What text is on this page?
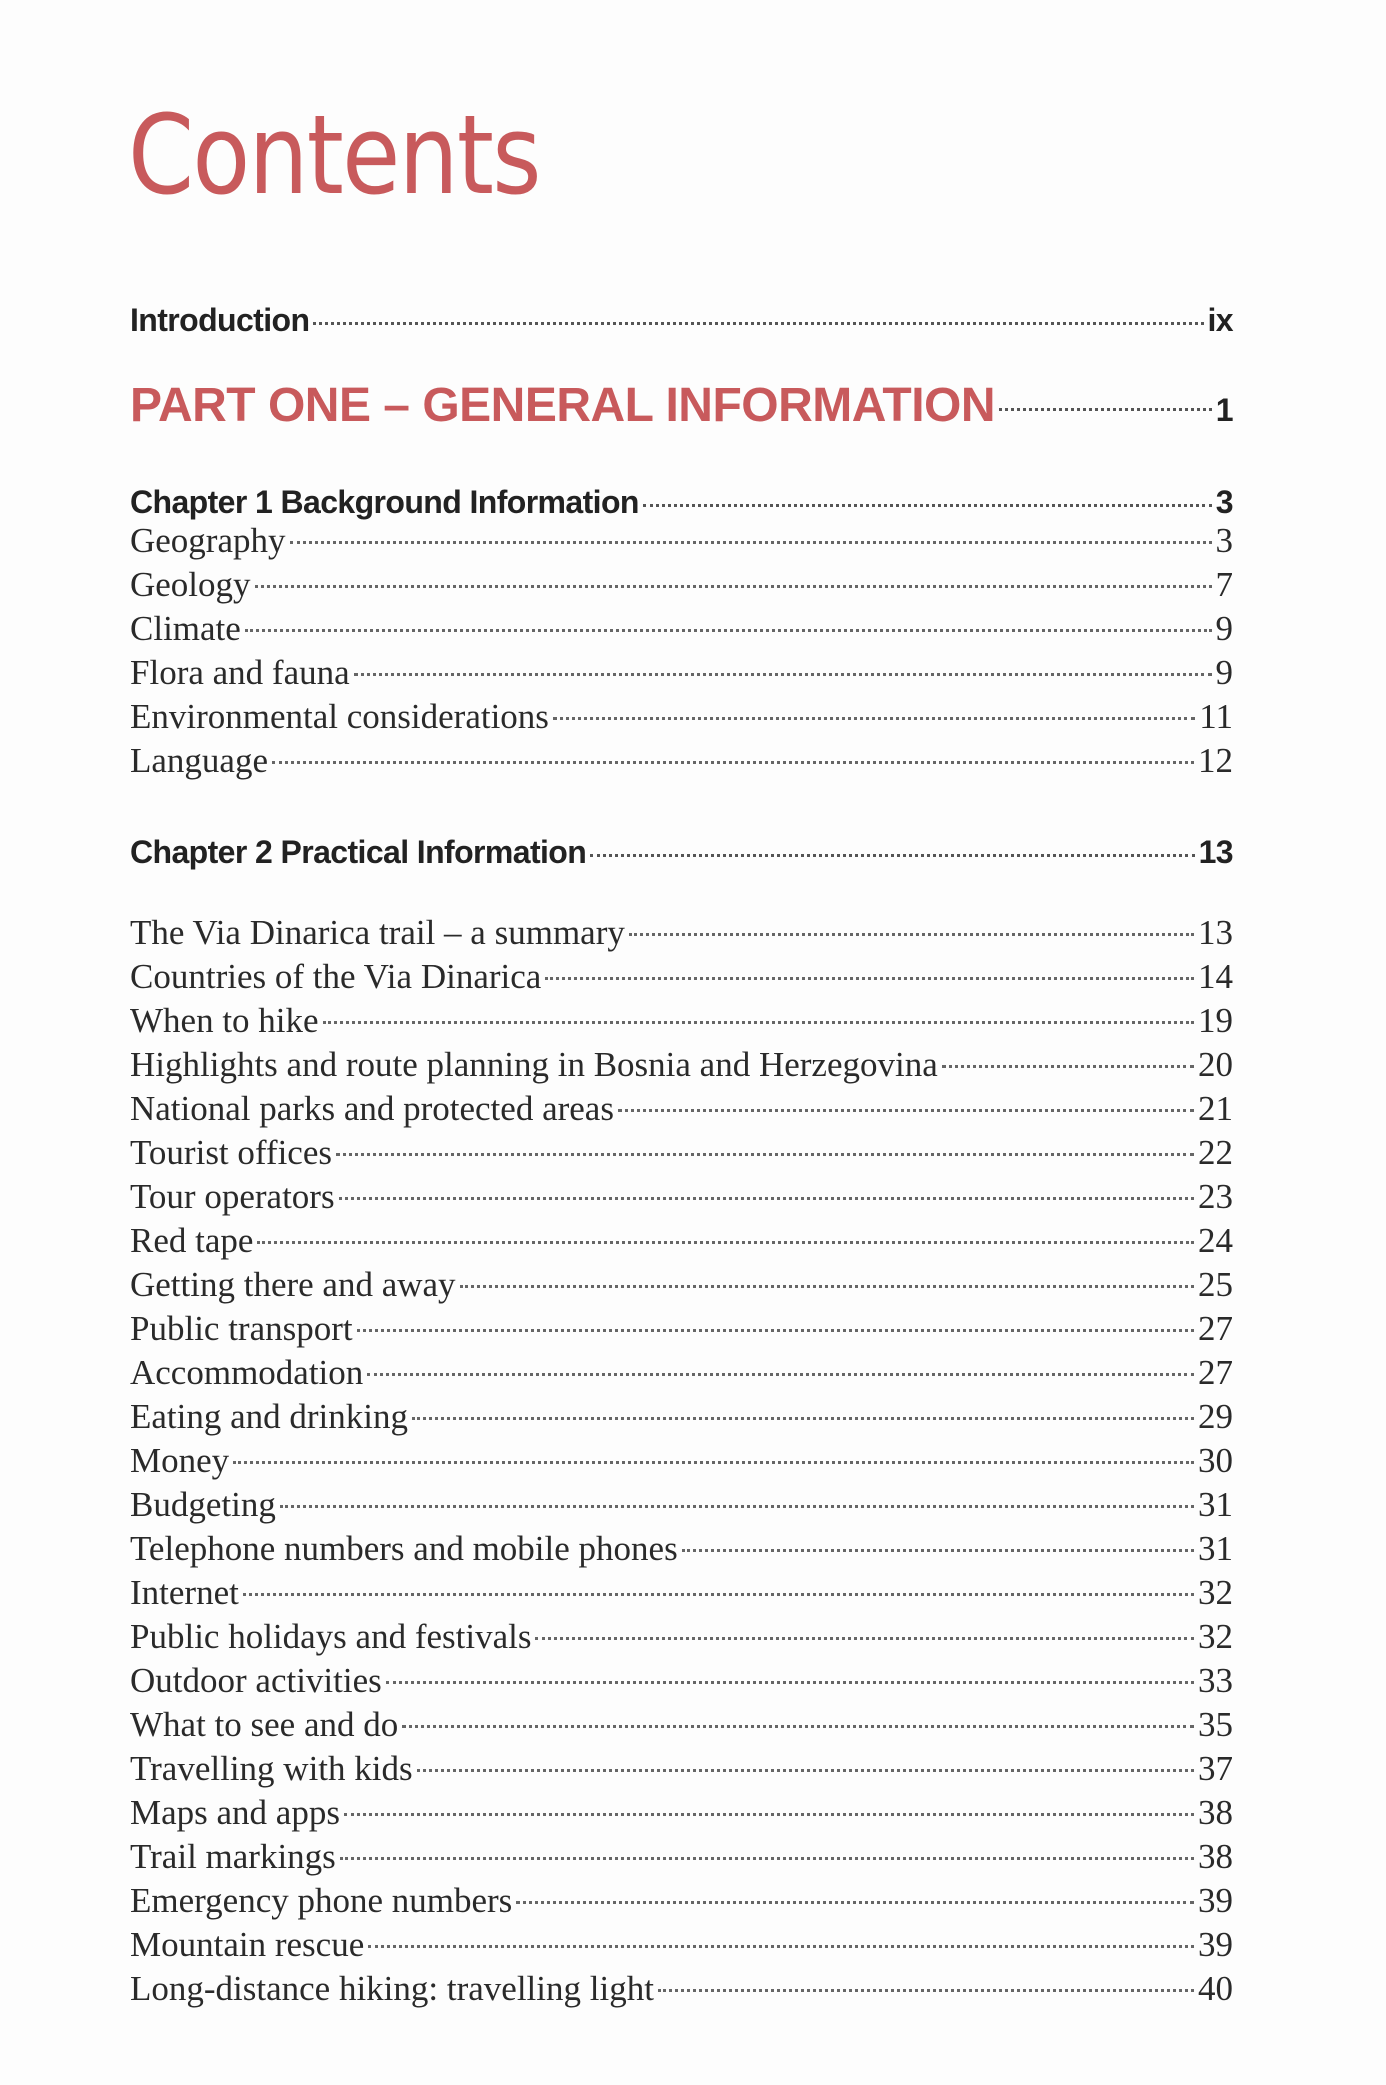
Contents
Introduction	ix
PART ONE – GENERAL INFORMATION	1
Chapter 1 Background Information	3
Geography	3
Geology	7
Climate	9
Flora and fauna	9
Environmental considerations	11
Language	12
Chapter 2 Practical Information	13
The Via Dinarica trail – a summary	13
Countries of the Via Dinarica	14
When to hike	19
Highlights and route planning in Bosnia and Herzegovina	20
National parks and protected areas	21
Tourist offices	22
Tour operators	23
Red tape	24
Getting there and away	25
Public transport	27
Accommodation	27
Eating and drinking	29
Money	30
Budgeting	31
Telephone numbers and mobile phones	31
Internet	32
Public holidays and festivals	32
Outdoor activities	33
What to see and do	35
Travelling with kids	37
Maps and apps	38
Trail markings	38
Emergency phone numbers	39
Mountain rescue	39
Long-distance hiking: travelling light	40
